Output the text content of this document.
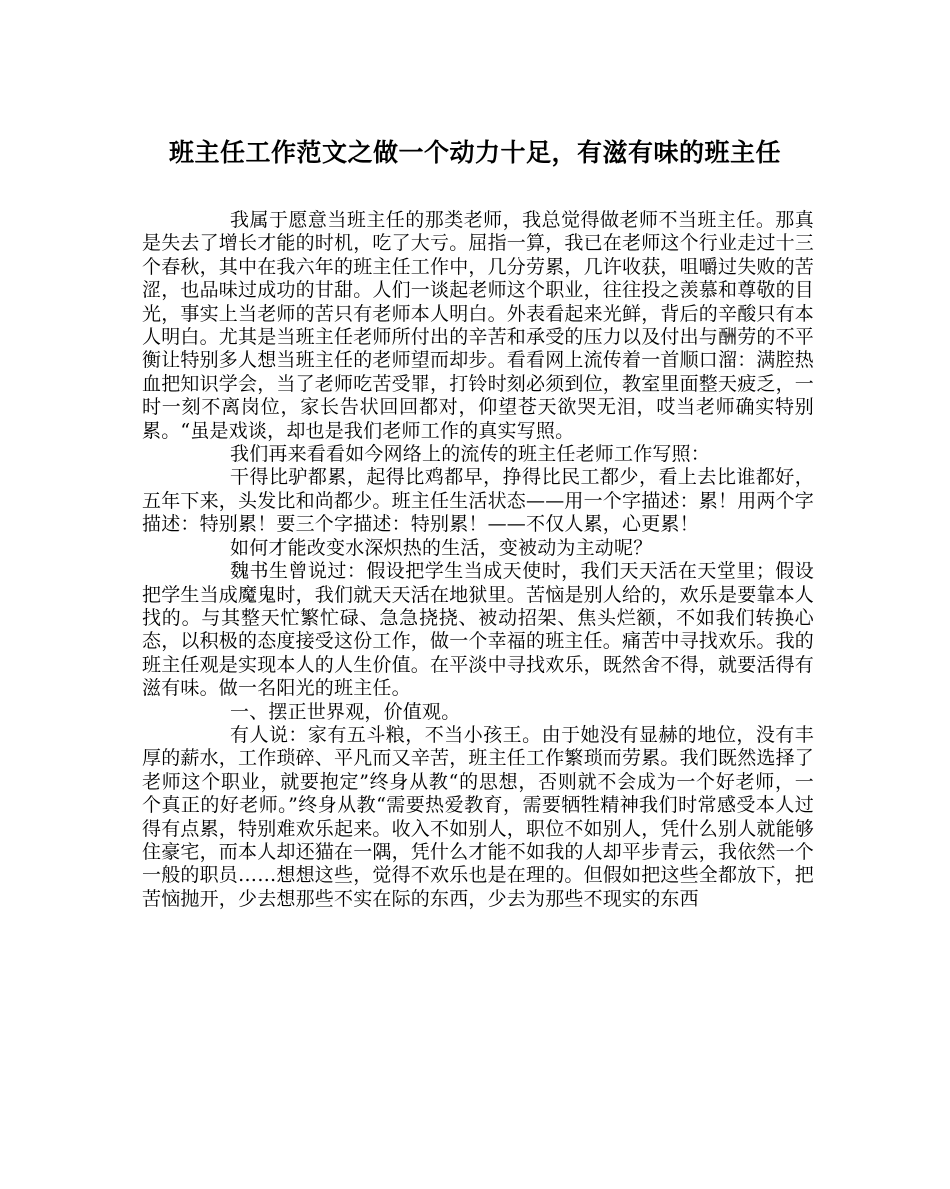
班主任工作范文之做一个动力十足，有滋有味的班主任

我属于愿意当班主任的那类老师，我总觉得做老师不当班主任。那真是失去了增长才能的时机，吃了大亏。屈指一算，我已在老师这个行业走过十三个春秋，其中在我六年的班主任工作中，几分劳累，几许收获，咀嚼过失败的苦涩，也品味过成功的甘甜。人们一谈起老师这个职业，往往投之羡慕和尊敬的目光，事实上当老师的苦只有老师本人明白。外表看起来光鲜，背后的辛酸只有本人明白。尤其是当班主任老师所付出的辛苦和承受的压力以及付出与酬劳的不平衡让特别多人想当班主任的老师望而却步。看看网上流传着一首顺口溜：满腔热血把知识学会，当了老师吃苦受罪，打铃时刻必须到位，教室里面整天疲乏，一时一刻不离岗位，家长告状回回都对，仰望苍天欲哭无泪，哎当老师确实特别累。“虽是戏谈，却也是我们老师工作的真实写照。

我们再来看看如今网络上的流传的班主任老师工作写照：

干得比驴都累，起得比鸡都早，挣得比民工都少，看上去比谁都好，五年下来，头发比和尚都少。班主任生活状态——用一个字描述：累！用两个字描述：特别累！要三个字描述：特别累！——不仅人累，心更累！

如何才能改变水深炽热的生活，变被动为主动呢？

魏书生曾说过：假设把学生当成天使时，我们天天活在天堂里；假设把学生当成魔鬼时，我们就天天活在地狱里。苦恼是别人给的，欢乐是要靠本人找的。与其整天忙繁忙碌、急急挠挠、被动招架、焦头烂额，不如我们转换心态，以积极的态度接受这份工作，做一个幸福的班主任。痛苦中寻找欢乐。我的班主任观是实现本人的人生价值。在平淡中寻找欢乐，既然舍不得，就要活得有滋有味。做一名阳光的班主任。

一、摆正世界观，价值观。

有人说：家有五斗粮，不当小孩王。由于她没有显赫的地位，没有丰厚的薪水，工作琐碎、平凡而又辛苦，班主任工作繁琐而劳累。我们既然选择了老师这个职业，就要抱定”终身从教“的思想，否则就不会成为一个好老师，一个真正的好老师。”终身从教“需要热爱教育，需要牺牲精神我们时常感受本人过得有点累，特别难欢乐起来。收入不如别人，职位不如别人，凭什么别人就能够住豪宅，而本人却还猫在一隅，凭什么才能不如我的人却平步青云，我依然一个一般的职员……想想这些，觉得不欢乐也是在理的。但假如把这些全都放下，把苦恼抛开，少去想那些不实在际的东西，少去为那些不现实的东西
